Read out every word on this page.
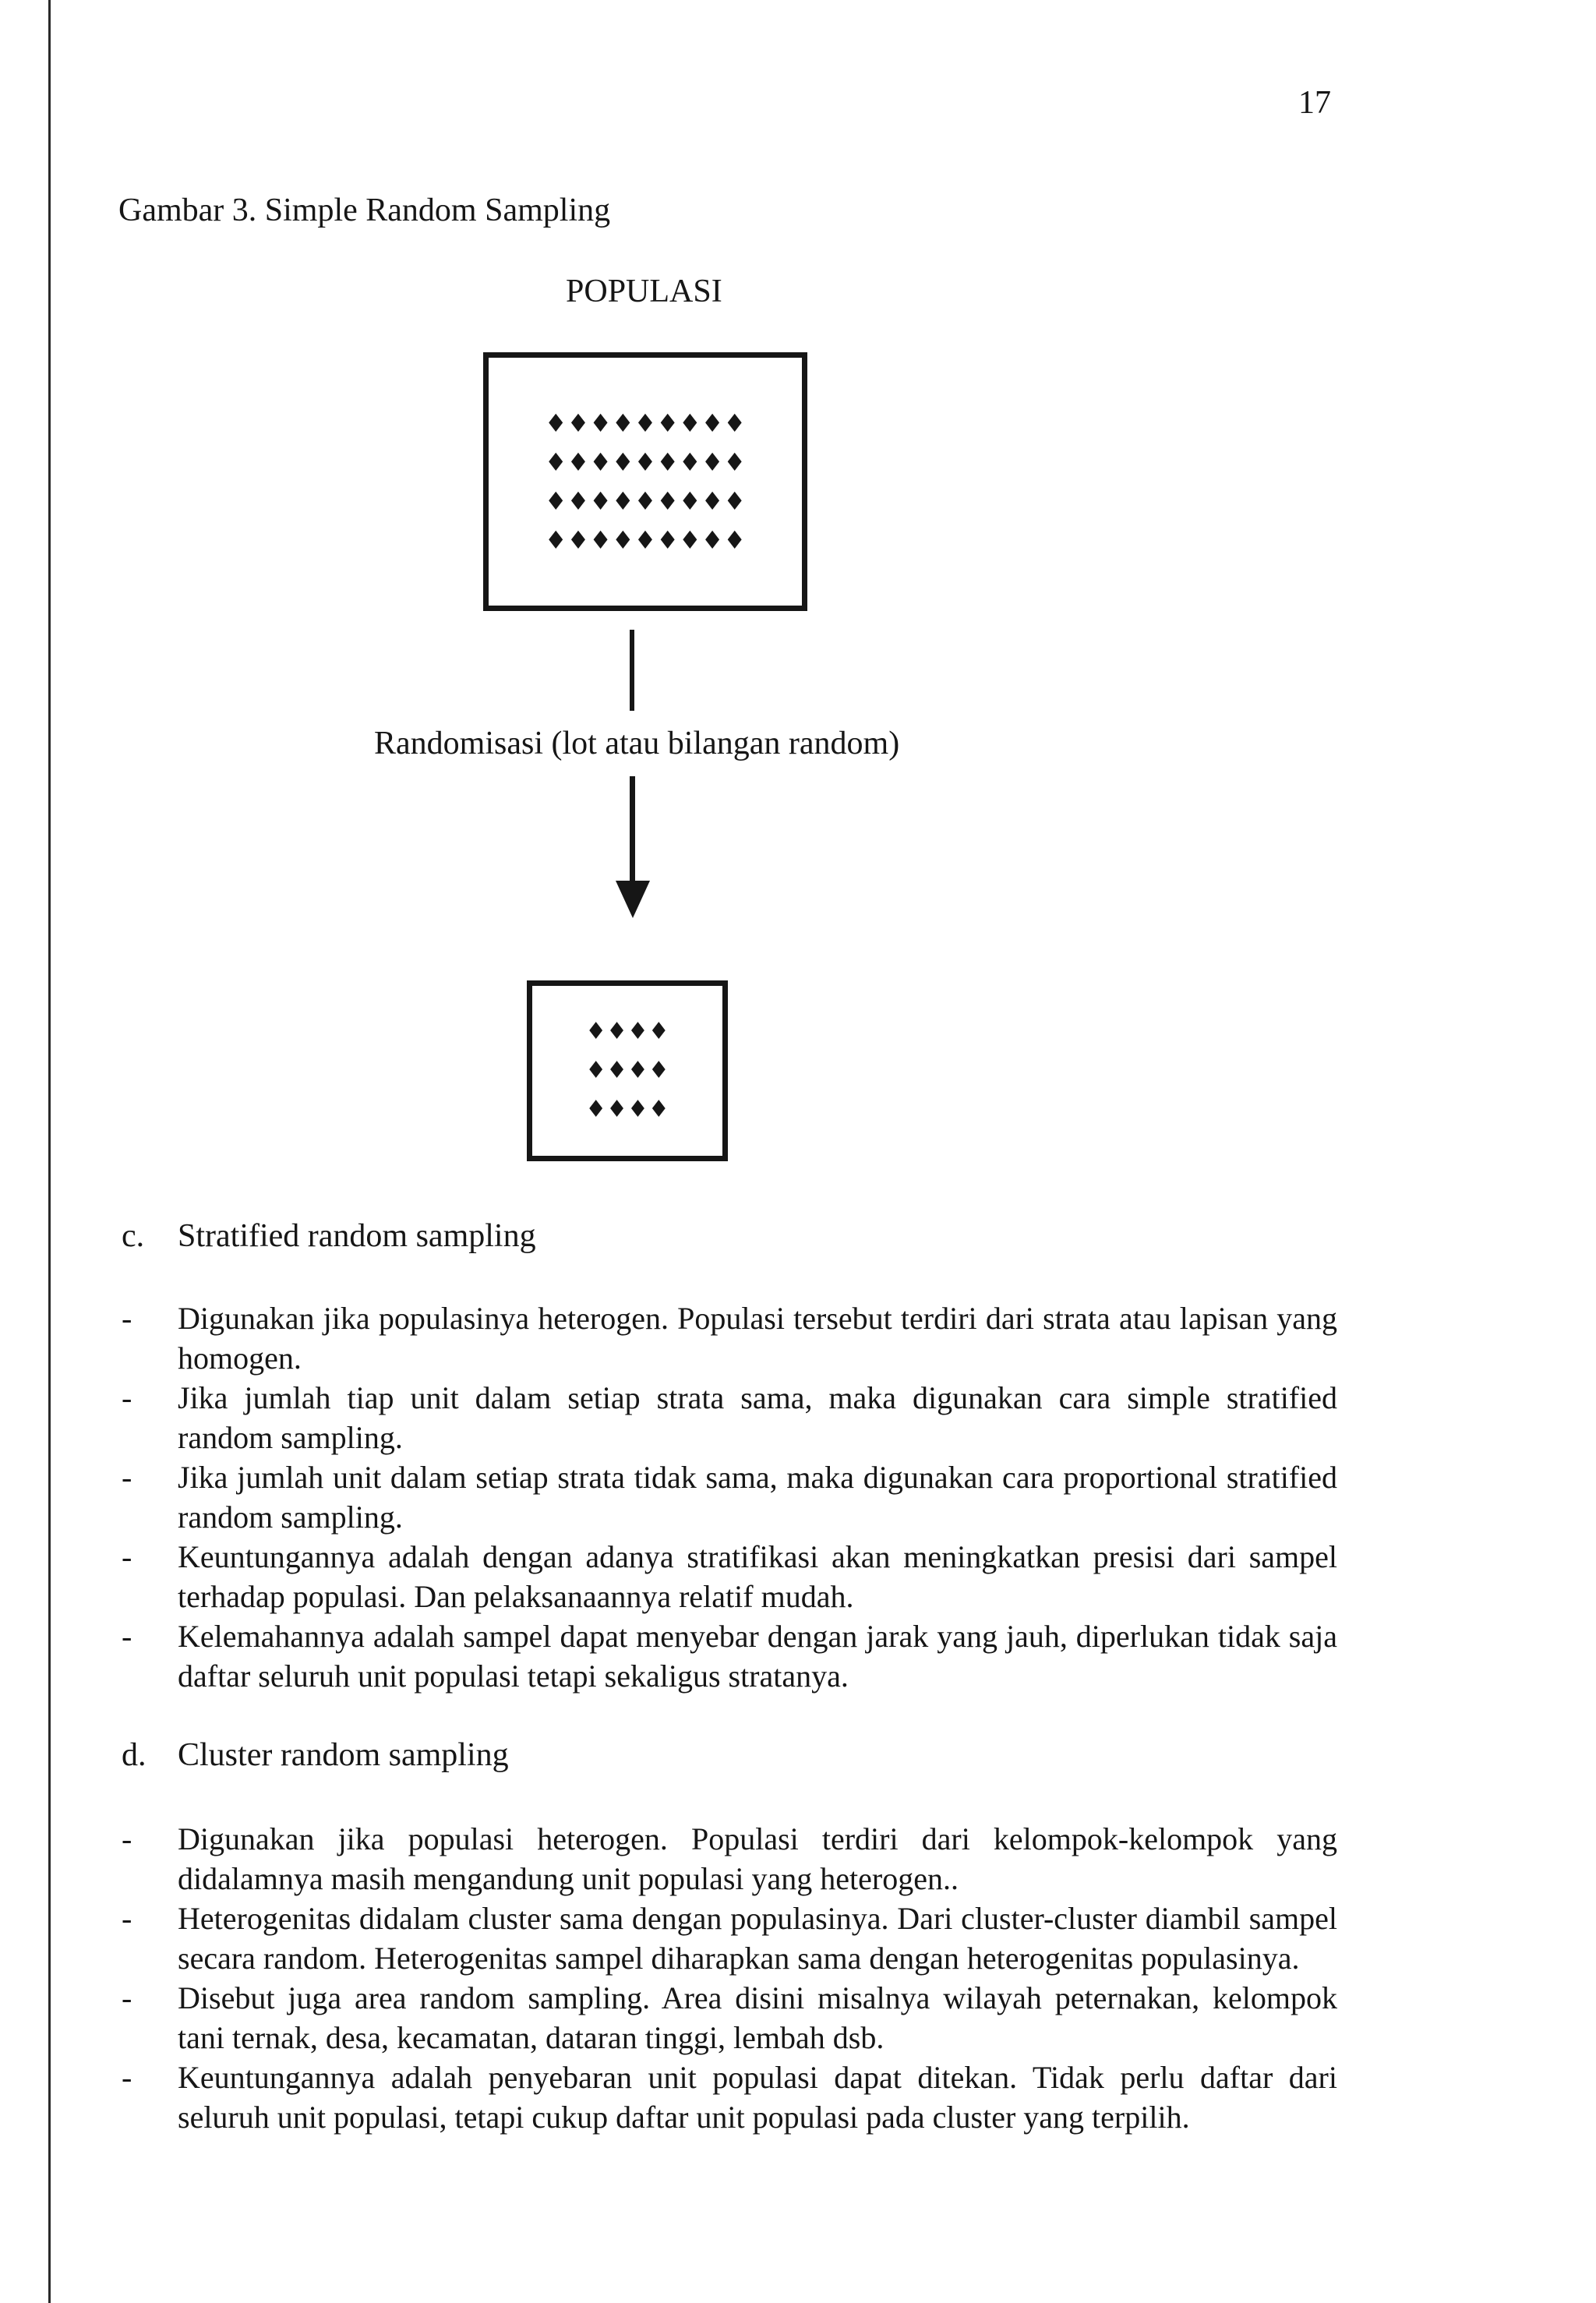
17
Gambar 3. Simple Random Sampling
POPULASI
♦♦♦♦♦♦♦♦♦
♦♦♦♦♦♦♦♦♦
♦♦♦♦♦♦♦♦♦
♦♦♦♦♦♦♦♦♦
Randomisasi (lot atau bilangan random)
♦♦♦♦
♦♦♦♦
♦♦♦♦
c. Stratified random sampling
-	Digunakan jika populasinya heterogen. Populasi tersebut terdiri dari strata atau lapisan yang homogen.
-	Jika jumlah tiap unit dalam setiap strata sama, maka digunakan cara simple stratified random sampling.
-	Jika jumlah unit dalam setiap strata tidak sama, maka digunakan cara proportional stratified random sampling.
-	Keuntungannya adalah dengan adanya stratifikasi akan meningkatkan presisi dari sampel terhadap populasi. Dan pelaksanaannya relatif mudah.
-	Kelemahannya adalah sampel dapat menyebar dengan jarak yang jauh, diperlukan tidak saja daftar seluruh unit populasi tetapi sekaligus stratanya.
d. Cluster random sampling
-	Digunakan jika populasi heterogen. Populasi terdiri dari kelompok-kelompok yang didalamnya masih mengandung unit populasi yang heterogen..
-	Heterogenitas didalam cluster sama dengan populasinya. Dari cluster-cluster diambil sampel secara random. Heterogenitas sampel diharapkan sama dengan heterogenitas populasinya.
-	Disebut juga area random sampling. Area disini misalnya wilayah peternakan, kelompok tani ternak, desa, kecamatan, dataran tinggi, lembah dsb.
-	Keuntungannya adalah penyebaran unit populasi dapat ditekan. Tidak perlu daftar dari seluruh unit populasi, tetapi cukup daftar unit populasi pada cluster yang terpilih.
